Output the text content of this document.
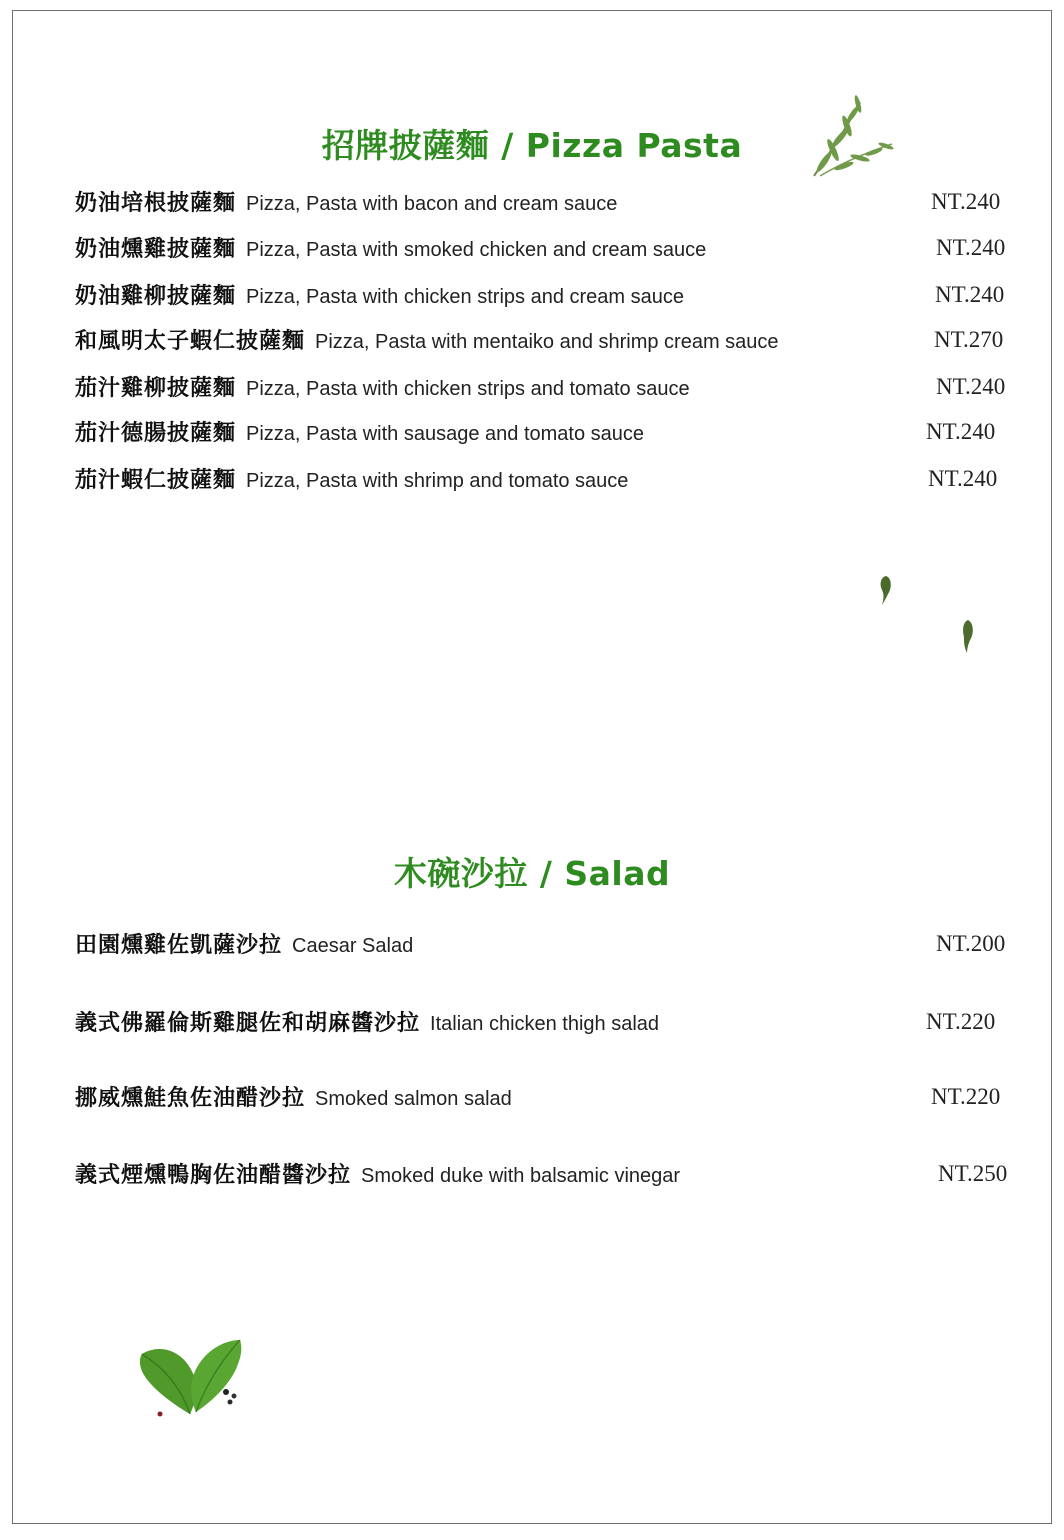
招牌披薩麵 / Pizza Pasta
奶油培根披薩麵 Pizza, Pasta with bacon and cream sauce	NT.240
奶油燻雞披薩麵 Pizza, Pasta with smoked chicken and cream sauce	NT.240
奶油雞柳披薩麵 Pizza, Pasta with chicken strips and cream sauce	NT.240
和風明太子蝦仁披薩麵 Pizza, Pasta with mentaiko and shrimp cream sauce	NT.270
茄汁雞柳披薩麵 Pizza, Pasta with chicken strips and tomato sauce	NT.240
茄汁德腸披薩麵 Pizza, Pasta with sausage and tomato sauce	NT.240
茄汁蝦仁披薩麵 Pizza, Pasta with shrimp and tomato sauce	NT.240
木碗沙拉 / Salad
田園燻雞佐凱薩沙拉 Caesar Salad	NT.200
義式佛羅倫斯雞腿佐和胡麻醬沙拉 Italian chicken thigh salad	NT.220
挪威燻鮭魚佐油醋沙拉 Smoked salmon salad	NT.220
義式煙燻鴨胸佐油醋醬沙拉 Smoked duke with balsamic vinegar	NT.250
